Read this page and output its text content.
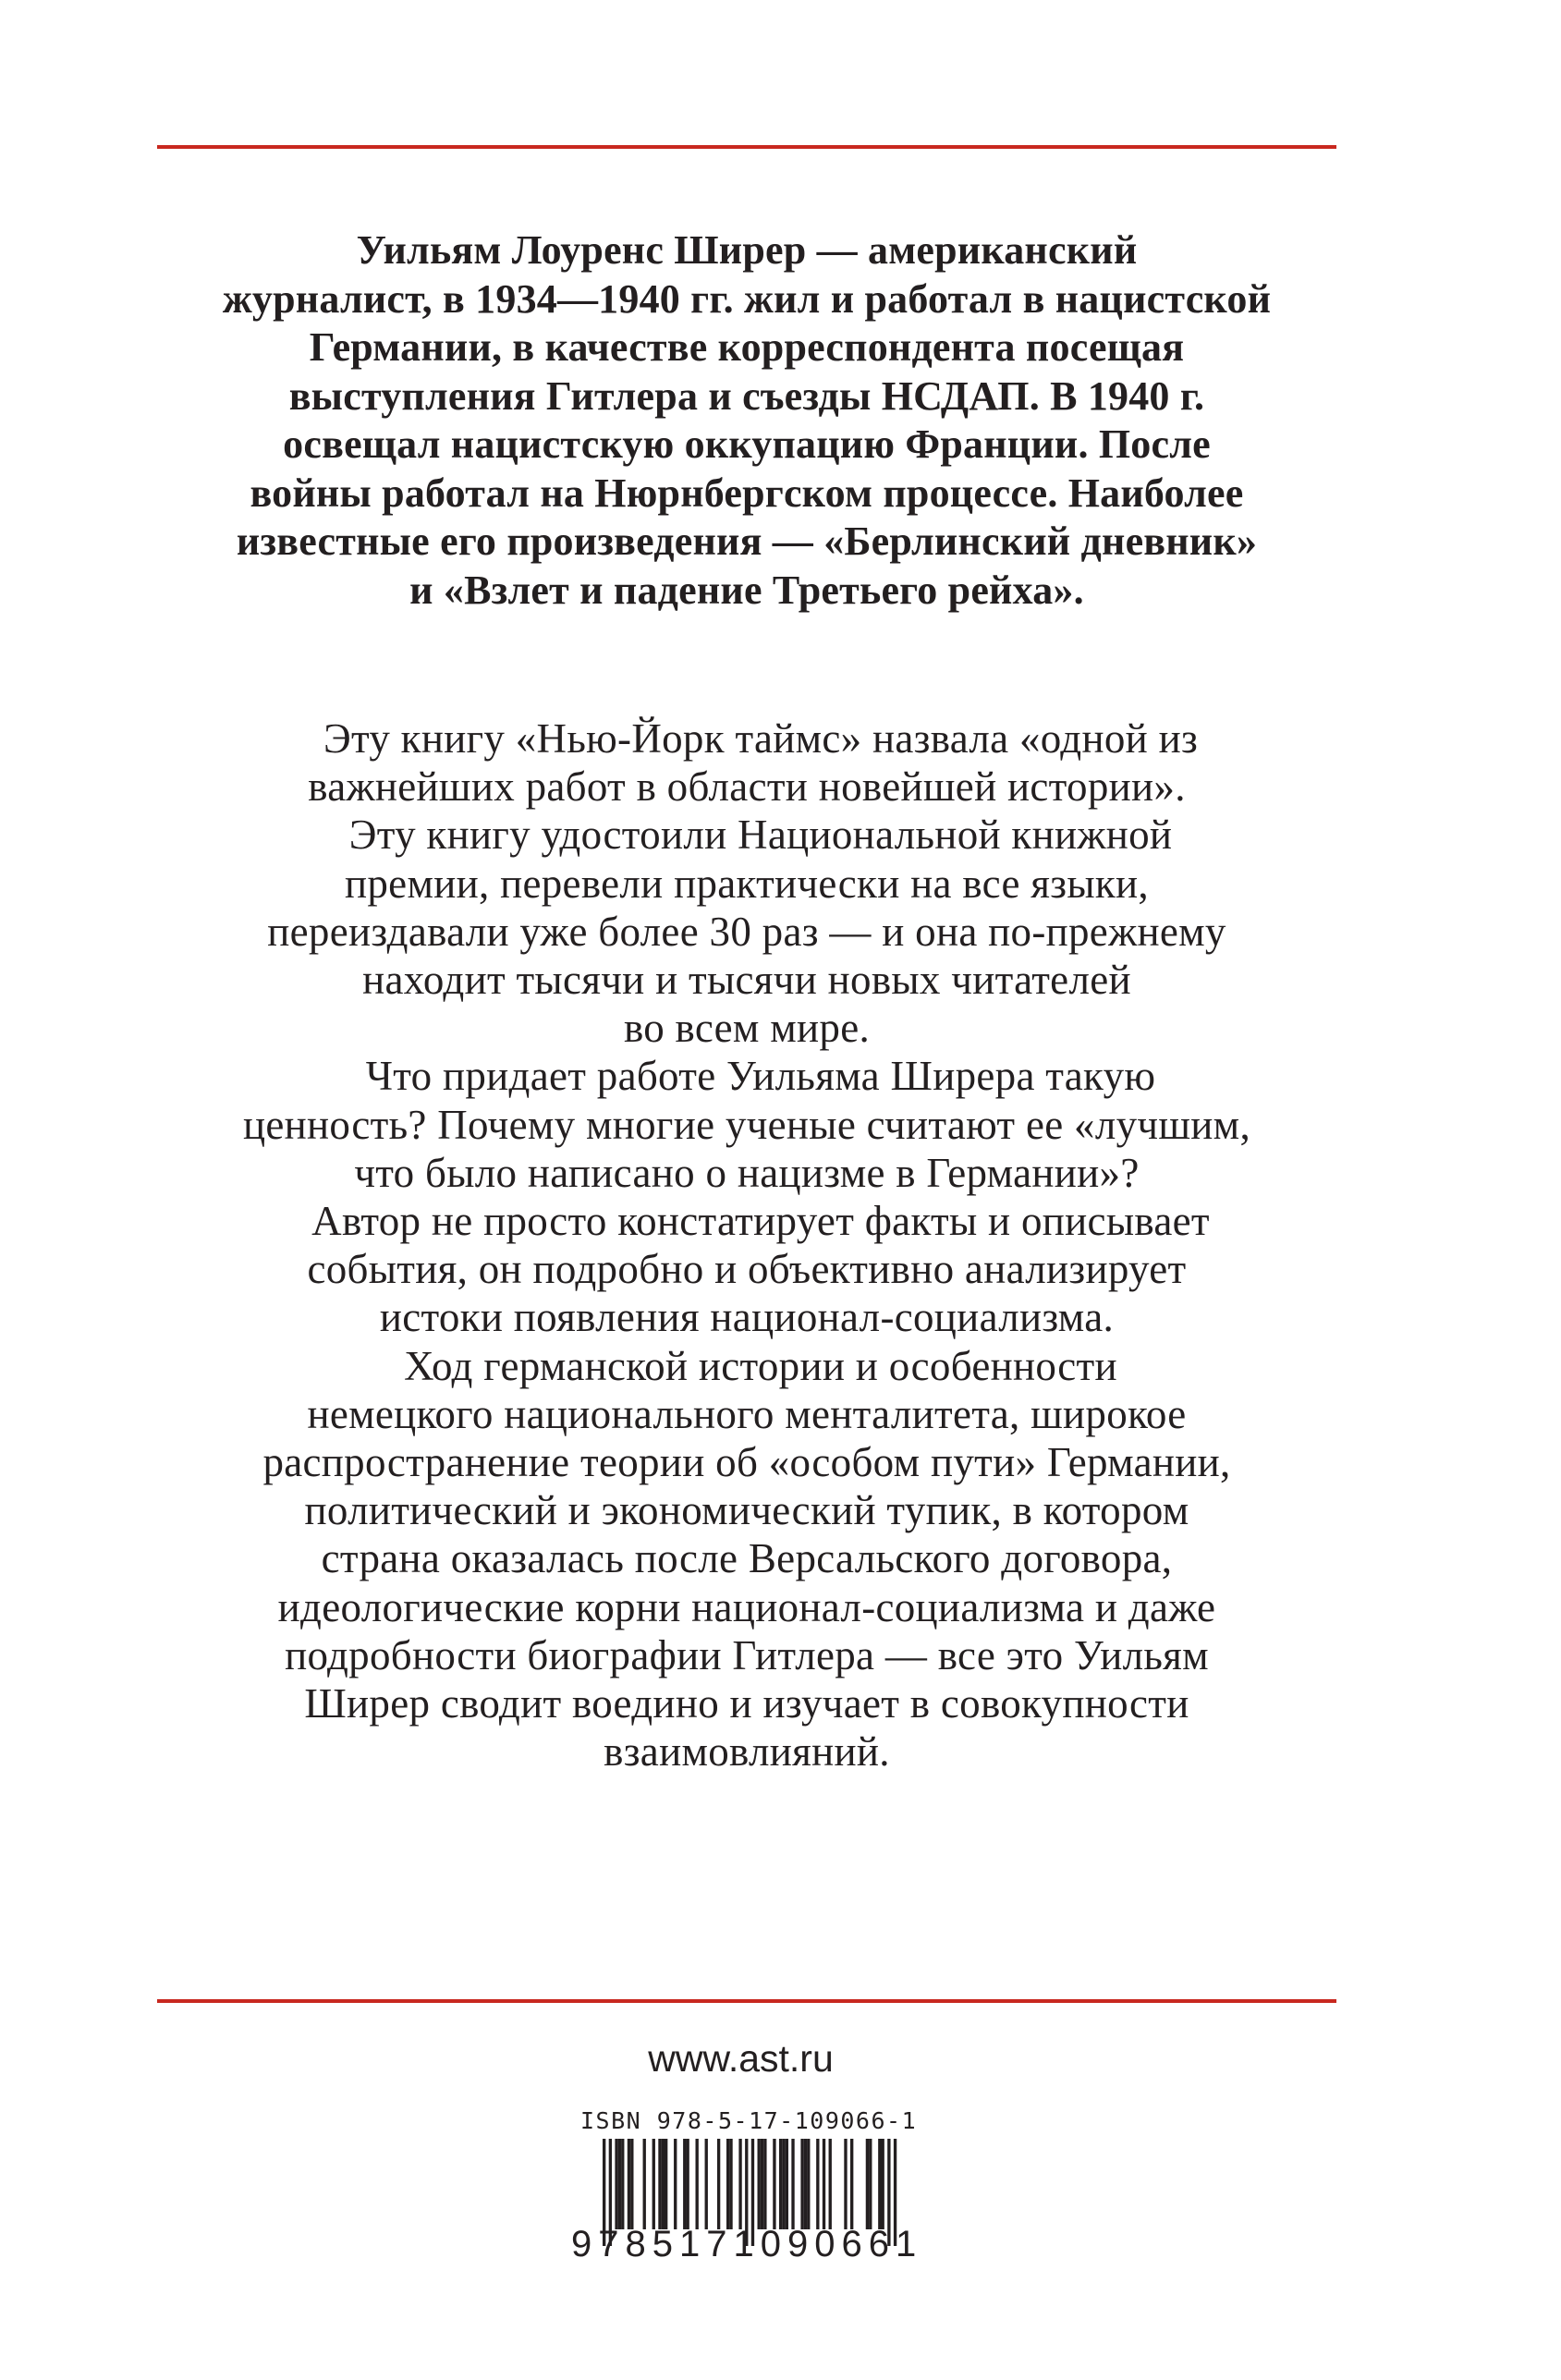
Уильям Лоуренс Ширер — американский
журналист, в 1934—1940 гг. жил и работал в нацистской
Германии, в качестве корреспондента посещая
выступления Гитлера и съезды НСДАП. В 1940 г.
освещал нацистскую оккупацию Франции. После
войны работал на Нюрнбергском процессе. Наиболее
известные его произведения — «Берлинский дневник»
и «Взлет и падение Третьего рейха».
Эту книгу «Нью-Йорк таймс» назвала «одной из
важнейших работ в области новейшей истории».
Эту книгу удостоили Национальной книжной
премии, перевели практически на все языки,
переиздавали уже более 30 раз — и она по-прежнему
находит тысячи и тысячи новых читателей
во всем мире.
Что придает работе Уильяма Ширера такую
ценность? Почему многие ученые считают ее «лучшим,
что было написано о нацизме в Германии»?
Автор не просто констатирует факты и описывает
события, он подробно и объективно анализирует
истоки появления национал-социализма.
Ход германской истории и особенности
немецкого национального менталитета, широкое
распространение теории об «особом пути» Германии,
политический и экономический тупик, в котором
страна оказалась после Версальского договора,
идеологические корни национал-социализма и даже
подробности биографии Гитлера — все это Уильям
Ширер сводит воедино и изучает в совокупности
взаимовлияний.
www.ast.ru
ISBN 978-5-17-109066-1
9785171090661
